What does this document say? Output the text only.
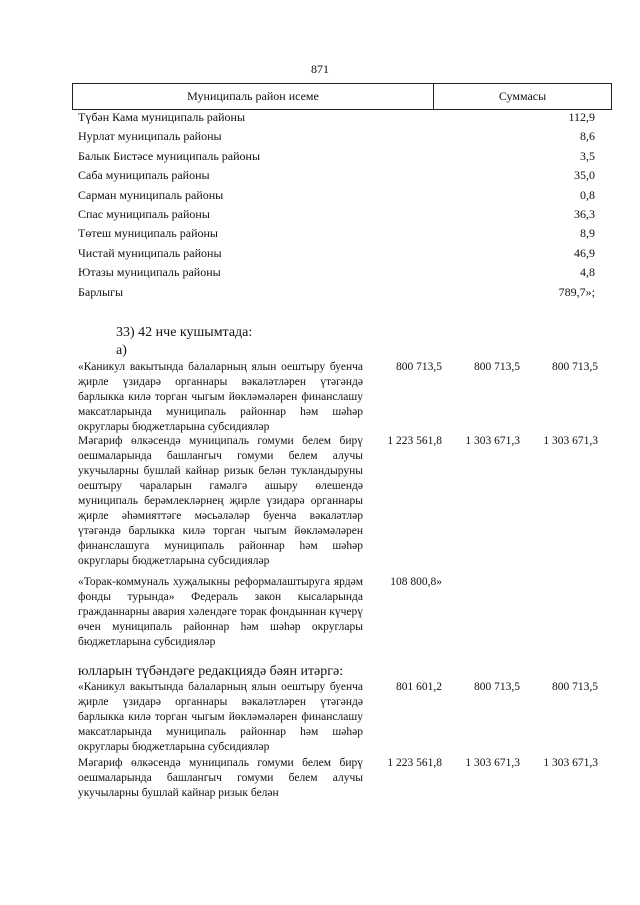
871
Муниципаль район исеме	Суммасы
Түбән Кама муниципаль районы	112,9
Нурлат муниципаль районы	8,6
Балык Бистәсе муниципаль районы	3,5
Саба муниципаль районы	35,0
Сарман муниципаль районы	0,8
Спас муниципаль районы	36,3
Төтеш муниципаль районы	8,9
Чистай муниципаль районы	46,9
Ютазы муниципаль районы	4,8
Барлыгы	789,7»;
33) 42 нче кушымтада:
а)
«Каникул вакытында балаларның ялын оештыру буенча җирле үзидарә органнары вәкаләтләрен үтәгәндә барлыкка килә торган чыгым йөкләмәләрен финанслашу максатларында муниципаль районнар һәм шәһәр округлары бюджетларына субсидияләр
800 713,5	800 713,5	800 713,5
Мәгариф өлкәсендә муниципаль гомуми белем бирү оешмаларында башлангыч гомуми белем алучы укучыларны бушлай кайнар ризык белән тукландыруны оештыру чараларын гамәлгә ашыру өлешендә муниципаль берәмлекләрнең җирле үзидарә органнары җирле әһәмияттәге мәсьәләләр буенча вәкаләтләр үтәгәндә барлыкка килә торган чыгым йөкләмәләрен финанслашуга муниципаль районнар һәм шәһәр округлары бюджетларына субсидияләр
1 223 561,8	1 303 671,3	1 303 671,3
«Торак-коммуналь хуҗалыкны реформалаштыруга ярдәм фонды турында» Федераль закон кысаларында гражданнарны авария хәлендәге торак фондыннан күчерү өчен муниципаль районнар һәм шәһәр округлары бюджетларына субсидияләр
108 800,8»
юлларын түбәндәге редакциядә бәян итәргә:
«Каникул вакытында балаларның ялын оештыру буенча җирле үзидарә органнары вәкаләтләрен үтәгәндә барлыкка килә торган чыгым йөкләмәләрен финанслашу максатларында муниципаль районнар һәм шәһәр округлары бюджетларына субсидияләр
801 601,2	800 713,5	800 713,5
Мәгариф өлкәсендә муниципаль гомуми белем бирү оешмаларында башлангыч гомуми белем алучы укучыларны бушлай кайнар ризык белән
1 223 561,8	1 303 671,3	1 303 671,3
